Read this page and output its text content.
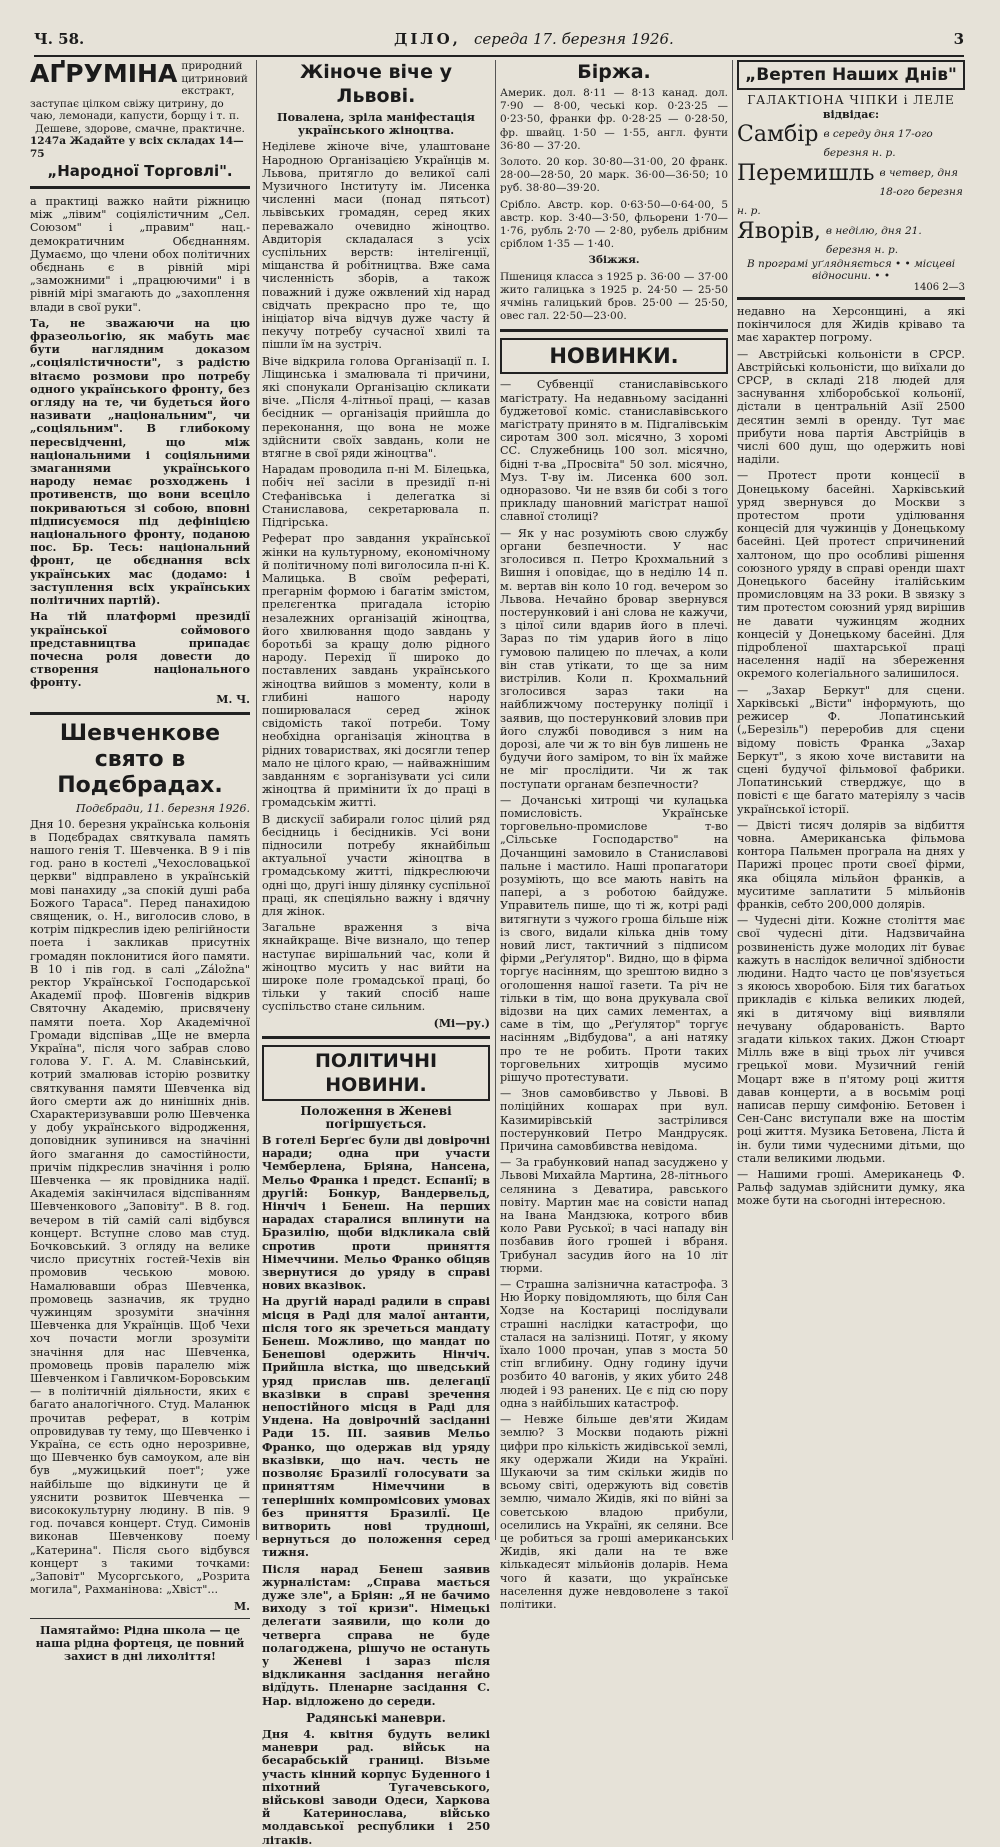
Ч. 58.	ДІЛО, середа 17. березня 1926.	3
АҐРУМІНА природний цитриновий екстракт, заступає цілком свіжу цитрину, до чаю, лемонади, капусти, борщу і т. п.
Дешеве, здорове, смачне, практичне.
1247а Жадайте у всіх складах 14—75
„Народної Торговлі".

а практиці важко найти ріжницю між „лівим" соціялістичним „Сел. Союзом" і „правим" нац.-демократичним Обєднанням. Думаємо, що члени обох політичних обєднань є в рівній мірі „заможними" і „працюючими" і в рівній мірі змагають до „захоплення влади в свої руки".

Та, не зважаючи на цю фразеольогію, як мабуть має бути наглядним доказом „соціялістичности", з радістю вітаємо розмови про потребу одного українського фронту, без огляду на те, чи будеться його називати „національним", чи „соціяльним". В глибокому пересвідченні, що між національними і соціяльними змаганнями українського народу немає розходжень і противенств, що вони всеціло покриваються зі собою, вповні підписуємося під дефініцією національного фронту, поданою пос. Бр. Тесь: національний фронт, це обєднання всіх українських мас (додамо: і заступлення всіх українських політичних партій).

На тій платформі президії української соймового представництва припадає почесна роля довести до створення національного фронту.

М. Ч.
Шевченкове свято в Подєбрадах.
Подєбради, 11. березня 1926.

Дня 10. березня українська кольонія в Подєбрадах святкувала память нашого генія Т. Шевченка. В 9 і пів год. рано в костелі „Чехословацької церкви" відправлено в українській мові панахиду „за спокій душі раба Божого Тараса". Перед панахидою священик, о. Н., виголосив слово, в котрім підкреслив ідею релігійности поета і закликав присутніх громадян поклонитися його памяти. В 10 і пів год. в салі „Záložna" ректор Української Господарської Академії проф. Шовгенів відкрив Святочну Академію, присвячену памяти поета. Хор Академічної Громади відспівав „Ще не вмерла Україна", після чого забрав слово голова У. Г. А. М. Славінський, котрий змалював історію розвитку святкування памяти Шевченка від його смерти аж до нинішніх днів. Схарактеризувавши ролю Шевченка у добу українського відродження, доповідник зупинився на значінні його змагання до самостійности, причім підкреслив значіння і ролю Шевченка — як провідника надії. Академія закінчилася відспіванням Шевченкового „Заповіту". В 8. год. вечером в тій самій салі відбувся концерт. Вступне слово мав студ. Бочковський. З огляду на велике число присутніх гостей-Чехів він промовив чеською мовою. Намалювавши образ Шевченка, промовець зазначив, як трудно чужинцям зрозуміти значіння Шевченка для Українців. Щоб Чехи хоч почасти могли зрозуміти значіння для нас Шевченка, промовець провів паралелю між Шевченком і Гавличком-Боровським — в політичній діяльности, яких є багато аналогічного. Студ. Маланюк прочитав реферат, в котрім опровидував ту тему, що Шевченко і Україна, се єсть одно нерозривне, що Шевченко був самоуком, але він був „мужицький поет"; уже найбільше що відкинути це й уяснити розвиток Шевченка — висококультурну людину. В пів. 9 год. почався концерт. Студ. Симонів виконав Шевченкову поему „Катерина". Після сього відбувся концерт з такими точками: „Заповіт" Мусоргського, „Розрита могила", Рахманінова: „Хвіст"...

М.

Памятаймо: Рідна школа — це наша рідна фортеця, це повний захист в дні лихоліття!

Жіноче віче у Львові.

Повалена, зріла маніфестація українського жіноцтва.

Неділеве жіноче віче, улаштоване Народною Організацією Українців м. Львова, притягло до великої салі Музичного Інституту ім. Лисенка численні маси (понад пятьсот) львівських громадян, серед яких переважало очевидно жіноцтво. Авдиторія складалася з усіх суспільних верств: інтелігенції, міщанства й робітництва. Вже сама численність зборів, а також поважний і дуже ожвлений хід нарад свідчать прекрасно про те, що ініціатор віча відчув дуже часту й пекучу потребу сучасної хвилі та пішли їм на зустріч.

Віче відкрила голова Організації п. І. Ліщинська і змалювала ті причини, які спонукали Організацію скликати віче. „Після 4-літньої праці, — казав бесідник — організація прийшла до переконання, що вона не може здійснити своїх завдань, коли не втягне в свої ряди жіноцтва".

Нарадам проводила п-ні М. Білецька, побіч неї засіли в президії п-ні Стефанівська і делегатка зі Станиславова, секретарювала п. Підгірська.

Реферат про завдання української жінки на культурному, економічному й політичному полі виголосила п-ні К. Малицька. В своїм рефераті, прегарнім формою і багатім змістом, прелєгентка пригадала історію незалежних організацій жіноцтва, його хвилювання щодо завдань у боротьбі за кращу долю рідного народу. Перехід її широко до поставлених завдань українського жіноцтва вийшов з моменту, коли в глибині нашого народу поширювалася серед жінок свідомість такої потреби. Тому необхідна організація жіноцтва в рідних товариствах, які досягли тепер мало не цілого краю, — найважнішим завданням є зорганізувати усі сили жіноцтва й примінити їх до праці в громадськім житті.

В дискусії забирали голос цілий ряд бесідниць і бесідників. Усі вони підносили потребу якнайбільш актуальної участи жіноцтва в громадському житті, підкреслюючи одні що, другі іншу ділянку суспільної праці, як спеціяльно важну і вдячну для жінок.

Загальне враження з віча якнайкраще. Віче визнало, що тепер наступає вирішальний час, коли й жіноцтво мусить у нас вийти на широке поле громадської праці, бо тільки у такий спосіб наше суспільство стане сильним.

(Мі—ру.)
ПОЛІТИЧНІ НОВИНИ.

Положення в Женеві погіршується.

В готелі Берґес були дві довірочні наради; одна при участи Чемберлена, Бріяна, Нансена, Мельо Франка і предст. Еспанії; в другій: Бонкур, Вандервельд, Нінчіч і Бенеш. На перших нарадах старалися вплинути на Бразилію, щоби відкликала свій спротив проти приняття Німеччини. Мельо Франко обіцяв звернутися до уряду в справі нових вказівок.

На другій нараді радили в справі місця в Раді для малої антанти, після того як зречеться мандату Бенеш. Можливо, що мандат по Бенешові одержить Нінчіч. Прийшла вістка, що шведський уряд прислав шв. делегації вказівки в справі зречення непостійного місця в Раді для Ундена. На довірочній засіданні Ради 15. III. заявив Мельо Франко, що одержав від уряду вказівки, що нач. честь не позволяє Бразилії голосувати за приняттям Німеччини в теперішніх компромісових умовах без приняття Бразилії. Це витворить нові трудноші, вернуться до положення серед тижня.

Після нарад Бенеш заявив журналістам: „Справа мається дуже зле", а Бріян: „Я не бачимо виходу з тої кризи". Німецькі делегати заявили, що коли до четверга справа не буде полагоджена, рішучо не остануть у Женеві і зараз після відкликання засідання негайно відїдуть. Пленарне засідання С. Нар. відложено до середи.

Радянські маневри.

Дня 4. квітня будуть великі маневри рад. військ на бесарабській границі. Візьме участь кінний корпус Буденного і піхотний Тугачевського, військові заводи Одеси, Харкова й Катеринослава, військо молдавської республики і 250 літаків.

Біржа.

Америк. дол. 8·11 — 8·13 канад. дол. 7·90 — 8·00, чеські кор. 0·23·25 — 0·23·50, франки фр. 0·28·25 — 0·28·50, фр. швайц. 1·50 — 1·55, англ. фунти 36·80 — 37·20.

Золото. 20 кор. 30·80—31·00, 20 франк. 28·00—28·50, 20 марк. 36·00—36·50; 10 руб. 38·80—39·20.

Срібло. Австр. кор. 0·63·50—0·64·00, 5 австр. кор. 3·40—3·50, фльорени 1·70—1·76, рубль 2·70 — 2·80, рубель дрібним сріблом 1·35 — 1·40.

Збіжжя.

Пшениця класса з 1925 р. 36·00 — 37·00 жито галицька з 1925 р. 24·50 — 25·50 ячмінь галицький бров. 25·00 — 25·50, овес гал. 22·50—23·00.

НОВИНКИ.

— Субвенції станиславівського магістрату. На недавньому засіданні буджетової коміс. станиславівського магістрату принято в м. Підгалівськім сиротам 300 зол. місячно, 3 хоромі СС. Служебниць 100 зол. місячно, бідні т-ва „Просвіта" 50 зол. місячно, Муз. Т-ву ім. Лисенка 600 зол. одноразово. Чи не взяв би собі з того прикладу шановний магістрат нашої славної столиці?

— Як у нас розуміють свою службу органи безпечности. У нас зголосився п. Петро Крохмальний з Вишня і оповідає, що в неділю 14 п. м. вертав він коло 10 год. вечером зо Львова. Нечайно бровар звернувся постерунковий і ані слова не кажучи, з цілої сили вдарив його в плечі. Зараз по тім ударив його в ліцо гумовою палицею по плечах, а коли він став утікати, то ще за ним вистрілив. Коли п. Крохмальний зголосився зараз таки на найближчому постерунку поліції і заявив, що постерунковий зловив при його службі поводився з ним на дорозі, але чи ж то він був лишень не будучи його заміром, то він їх майже не міг прослідити. Чи ж так поступати органам безпечности?

— Дочанські хитрощі чи кулацька помисловість. Українське торговельно-промислове т-во „Сільське Господарство" на Дочанщині замовило в Станиславові пальне і мастило. Наші пропагатори розуміють, що все мають навіть на папері, а з роботою байдуже. Управитель пише, що ті ж, котрі раді витягнути з чужого гроша більше ніж із свого, видали кілька днів тому новий лист, тактичний з підписом фірми „Реґулятор". Видно, що в фірма торгує насінням, що зрештою видно з оголошення нашої газети. Та річ не тільки в тім, що вона друкувала свої відозви на цих самих лементах, а саме в тім, що „Реґулятор" торгує насінням „Відбудова", а ані натяку про те не робить. Проти таких торговельних хитрощів мусимо рішучо протестувати.

— Знов самовбивство у Львові. В поліційних кошарах при вул. Казимирівській застрілився постерунковий Петро Мандрусяк. Причина самовбивства невідома.

— За грабунковий напад засуджено у Львові Михайла Мартина, 28-літнього селянина з Деватира, равського повіту. Мартин має на совісти напад на Івана Мандзюка, котрого вбив коло Рави Руської; в часі нападу він позбавив його грошей і вбраня. Трибунал засудив його на 10 літ тюрми.

— Страшна залізнична катастрофа. З Ню Йорку повідомляють, що біля Сан Ходзе на Костариці послідували страшні наслідки катастрофи, що сталася на залізниці. Потяг, у якому їхало 1000 прочан, упав з моста 50 стіп вглибину. Одну годину ідучи розбито 40 вагонів, у яких убито 248 людей і 93 ранених. Це є під сю пору одна з найбільших катастроф.

— Невже більше дев'яти Жидам землю? З Москви подають ріжні цифри про кількість жидівської землі, яку одержали Жиди на Україні. Шукаючи за тим скільки жидів по всьому світі, одержують від совєтів землю, чимало Жидів, які по війні за советською владою прибули, оселились на Україні, як селяни. Все це робиться за гроші американських Жидів, які дали на те вже кількадесят мільйонів доларів. Нема чого й казати, що українське населення дуже невдоволене з такої політики.

„Вертеп Наших Днів"
ГАЛАКТІОНА ЧІПКИ і ЛЕЛЕ
відвідає:
Самбір в середу дня 17-ого березня н. р.
Перемишль в четвер, дня 18-ого березня н. р.
Яворів, в неділю, дня 21. березня н. р.
В програмі уґлядняється • • місцеві відносини. • •
1406 2—3

недавно на Херсонщині, а які покінчилося для Жидів кріваво та має характер погрому.

— Австрійські кольоністи в СРСР. Австрійські кольоністи, що виїхали до СРСР, в складі 218 людей для заснування хліборобської кольонії, дістали в центральній Азії 2500 десятин землі в оренду. Тут має прибути нова партія Австрійців в числі 600 душ, що одержить нові наділи.

— Протест проти концесії в Донецькому басейні. Харківський уряд звернувся до Москви з протестом проти уділювання концесій для чужинців у Донецькому басейні. Цей протест спричинений халтоном, що про особливі рішення союзного уряду в справі оренди шахт Донецького басейну італійським промисловцям на 33 роки. В звязку з тим протестом союзний уряд вирішив не давати чужинцям жодних концесій у Донецькому басейні. Для підробленої шахтарської праці населення надії на збереження окремого колегіального залишилося.

— „Захар Беркут" для сцени. Харківські „Вісти" інформують, що режисер Ф. Лопатинський („Березіль") переробив для сцени відому повість Франка „Захар Беркут", з якою хоче виставити на сцені будучої фільмової фабрики. Лопатинський стверджує, що в повісті є ще багато матеріялу з часів української історії.

— Двісті тисяч долярів за відбиття човна. Американська фільмова контора Пальмен програла на днях у Парижі процес проти своєї фірми, яка обіцяла мільйон франків, а муситиме заплатити 5 мільйонів франків, себто 200,000 долярів.

— Чудесні діти. Кожне століття має свої чудесні діти. Надзвичайна розвиненість дуже молодих літ буває кажуть в наслідок величної здібности людини. Надто часто це пов'язується з якоюсь хворобою. Біля тих багатьох прикладів є кілька великих людей, які в дитячому віці виявляли нечувану обдарованість. Варто згадати кількох таких. Джон Стюарт Мілль вже в віці трьох літ учився грецької мови. Музичний геній Моцарт вже в п'ятому році життя давав концерти, а в восьмім році написав першу симфонію. Бетовен і Сен-Санс виступали вже на шостім році життя. Музика Бетовена, Ліста й ін. були тими чудесними дітьми, що стали великими людьми.

— Нашими гроші. Американець Ф. Ральф задумав здійснити думку, яка може бути на сьогодні інтересною.
